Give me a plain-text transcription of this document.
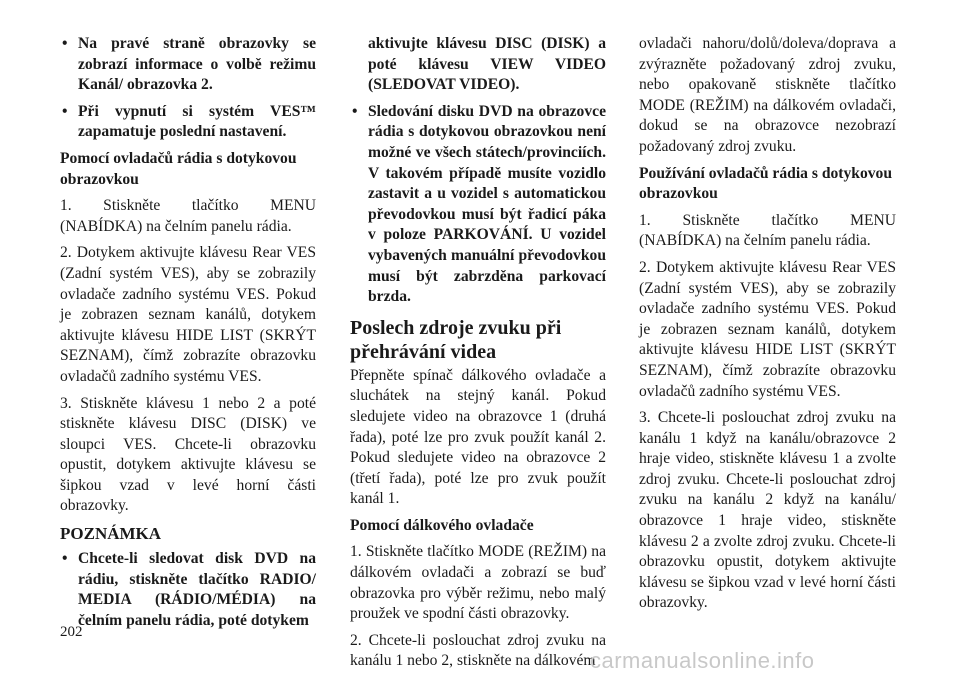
• Na pravé straně obrazovky se zobrazí informace o volbě režimu Kanál/ obrazovka 2.
• Při vypnutí si systém VES™ zapamatuje poslední nastavení.

Pomocí ovladačů rádia s dotykovou obrazovkou

1. Stiskněte tlačítko MENU (NABÍDKA) na čelním panelu rádia.

2. Dotykem aktivujte klávesu Rear VES (Zadní systém VES), aby se zobrazily ovladače zadního systému VES. Pokud je zobrazen seznam kanálů, dotykem aktivujte klávesu HIDE LIST (SKRÝT SEZNAM), čímž zobrazíte obrazovku ovladačů zadního systému VES.

3. Stiskněte klávesu 1 nebo 2 a poté stiskněte klávesu DISC (DISK) ve sloupci VES. Chcete-li obrazovku opustit, dotykem aktivujte klávesu se šipkou vzad v levé horní části obrazovky.

POZNÁMKA
• Chcete-li sledovat disk DVD na rádiu, stiskněte tlačítko RADIO/ MEDIA (RÁDIO/MÉDIA) na čelním panelu rádia, poté dotykem
aktivujte klávesu DISC (DISK) a poté klávesu VIEW VIDEO (SLEDOVAT VIDEO).
• Sledování disku DVD na obrazovce rádia s dotykovou obrazovkou není možné ve všech státech/provinciích. V takovém případě musíte vozidlo zastavit a u vozidel s automatickou převodovkou musí být řadicí páka v poloze PARKOVÁNÍ. U vozidel vybavených manuální převodovkou musí být zabrzděna parkovací brzda.
Poslech zdroje zvuku při přehrávání videa

Přepněte spínač dálkového ovladače a sluchátek na stejný kanál. Pokud sledujete video na obrazovce 1 (druhá řada), poté lze pro zvuk použít kanál 2. Pokud sledujete video na obrazovce 2 (třetí řada), poté lze pro zvuk použít kanál 1.

Pomocí dálkového ovladače

1. Stiskněte tlačítko MODE (REŽIM) na dálkovém ovladači a zobrazí se buď obrazovka pro výběr režimu, nebo malý proužek ve spodní části obrazovky.

2. Chcete-li poslouchat zdroj zvuku na kanálu 1 nebo 2, stiskněte na dálkovém

ovladači nahoru/dolů/doleva/doprava a zvýrazněte požadovaný zdroj zvuku, nebo opakovaně stiskněte tlačítko MODE (REŽIM) na dálkovém ovladači, dokud se na obrazovce nezobrazí požadovaný zdroj zvuku.

Používání ovladačů rádia s dotykovou obrazovkou

1. Stiskněte tlačítko MENU (NABÍDKA) na čelním panelu rádia.

2. Dotykem aktivujte klávesu Rear VES (Zadní systém VES), aby se zobrazily ovladače zadního systému VES. Pokud je zobrazen seznam kanálů, dotykem aktivujte klávesu HIDE LIST (SKRÝT SEZNAM), čímž zobrazíte obrazovku ovladačů zadního systému VES.

3. Chcete-li poslouchat zdroj zvuku na kanálu 1 když na kanálu/obrazovce 2 hraje video, stiskněte klávesu 1 a zvolte zdroj zvuku. Chcete-li poslouchat zdroj zvuku na kanálu 2 když na kanálu/ obrazovce 1 hraje video, stiskněte klávesu 2 a zvolte zdroj zvuku. Chcete-li obrazovku opustit, dotykem aktivujte klávesu se šipkou vzad v levé horní části obrazovky.

202
carmanualsonline.info
